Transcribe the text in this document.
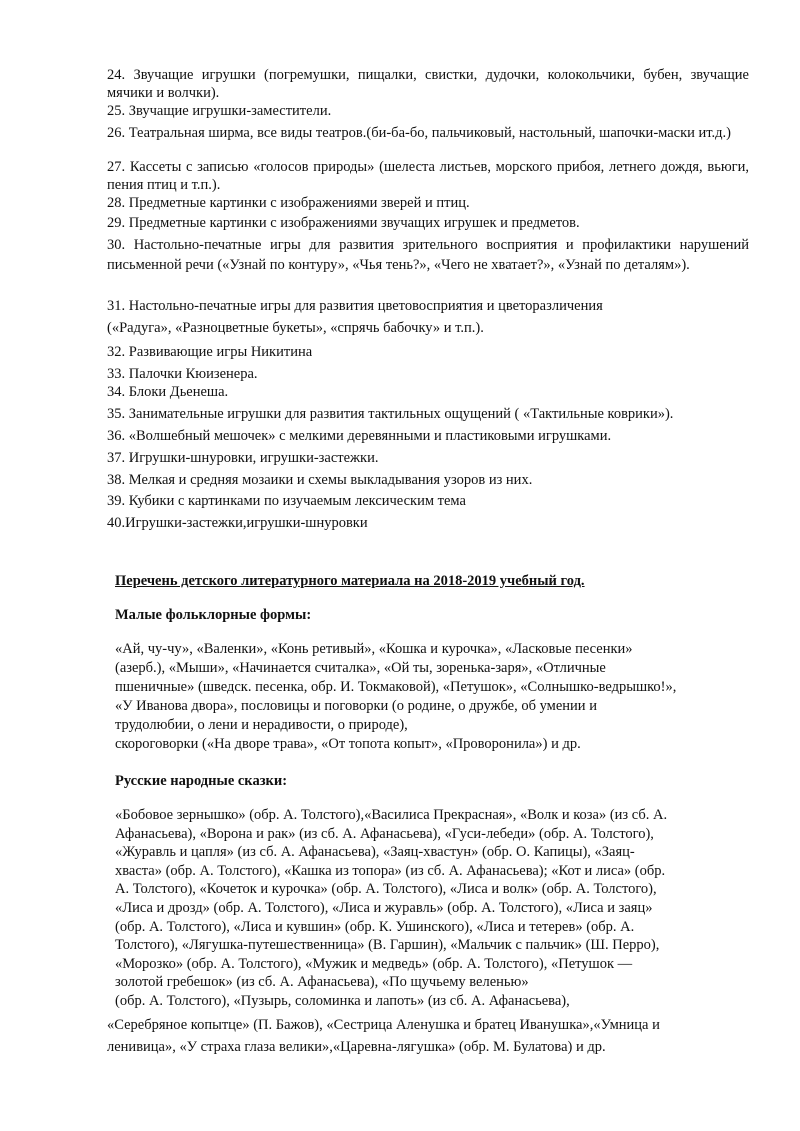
24. Звучащие игрушки (погремушки, пищалки, свистки, дудочки, колокольчики, бубен, звучащие мячики и волчки).

25. Звучащие игрушки-заместители.

26. Театральная ширма, все виды театров.(би-ба-бо, пальчиковый, настольный, шапочки-маски ит.д.)

27. Кассеты с записью «голосов природы» (шелеста листьев, морского прибоя, летнего дождя, вьюги, пения птиц и т.п.).

28. Предметные картинки с изображениями зверей и птиц.

29. Предметные картинки с изображениями звучащих игрушек и предметов.

30. Настольно-печатные игры для развития зрительного восприятия и профилактики нарушений письменной речи («Узнай по контуру», «Чья тень?», «Чего не хватает?», «Узнай по деталям»).

31. Настольно-печатные игры для развития цветовосприятия и цветоразличения

(«Радуга», «Разноцветные букеты», «спрячь бабочку» и т.п.).

32. Развивающие игры Никитина

33. Палочки Кюизенера.

34. Блоки Дьенеша.

35. Занимательные игрушки для развития тактильных ощущений ( «Тактильные коврики»).

36. «Волшебный мешочек» с мелкими деревянными и пластиковыми игрушками.

37. Игрушки-шнуровки, игрушки-застежки.

38. Мелкая и средняя мозаики и схемы выкладывания узоров из них.

39. Кубики с картинками по изучаемым лексическим тема

40.Игрушки-застежки,игрушки-шнуровки

Перечень детского литературного материала на 2018-2019 учебный год.

Малые фольклорные формы:

«Ай, чу-чу», «Валенки», «Конь ретивый», «Кошка и курочка», «Ласковые песенки»
(азерб.), «Мыши», «Начинается считалка», «Ой ты, зоренька-заря», «Отличные
пшеничные» (шведск. песенка, обр. И. Токмаковой), «Петушок», «Солнышко-ведрышко!»,
«У Иванова двора», пословицы и поговорки (о родине, о дружбе, об умении и
трудолюбии, о лени и нерадивости, о природе),
скороговорки («На дворе трава», «От топота копыт», «Проворонила») и др.

Русские народные сказки:

«Бобовое зернышко» (обр. А. Толстого),«Василиса Прекрасная», «Волк и коза» (из сб. А.
Афанасьева), «Ворона и рак» (из сб. А. Афанасьева), «Гуси-лебеди» (обр. А. Толстого),
«Журавль и цапля» (из сб. А. Афанасьева), «Заяц-хвастун» (обр. О. Капицы), «Заяц-
хваста» (обр. А. Толстого), «Кашка из топора» (из сб. А. Афанасьева); «Кот и лиса» (обр.
А. Толстого), «Кочеток и курочка» (обр. А. Толстого), «Лиса и волк» (обр. А. Толстого),
«Лиса и дрозд» (обр. А. Толстого), «Лиса и журавль» (обр. А. Толстого), «Лиса и заяц»
(обр. А. Толстого), «Лиса и кувшин» (обр. К. Ушинского), «Лиса и тетерев» (обр. А.
Толстого), «Лягушка-путешественница» (В. Гаршин), «Мальчик с пальчик» (Ш. Перро),
«Морозко» (обр. А. Толстого), «Мужик и медведь» (обр. А. Толстого), «Петушок —
золотой гребешок» (из сб. А. Афанасьева), «По щучьему веленью»
(обр. А. Толстого), «Пузырь, соломинка и лапоть» (из сб. А. Афанасьева),
«Серебряное копытце» (П. Бажов), «Сестрица Аленушка и братец Иванушка»,«Умница и
ленивица», «У страха глаза велики»,«Царевна-лягушка» (обр. М. Булатова) и др.
